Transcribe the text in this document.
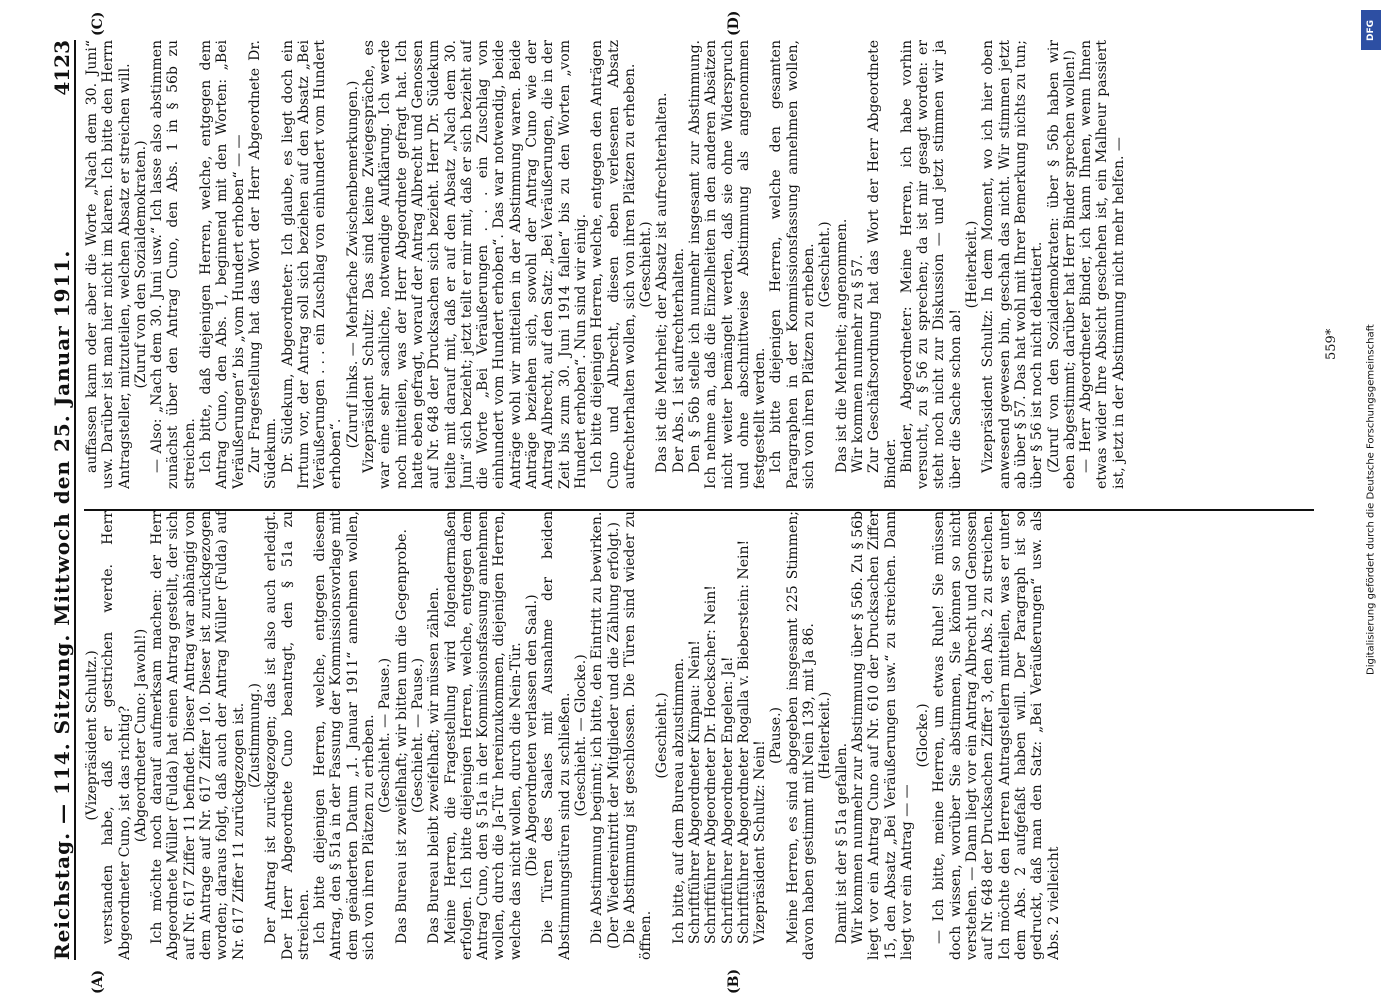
Reichstag. — 114. Sitzung. Mittwoch den 25. Januar 1911.
4123

(Vizepräsident Schultz.) verstanden habe, daß er gestrichen werde. Herr Abgeordneter Cuno, ist das richtig? (Abgeordneter Cuno: Jawohl!) Ich möchte noch darauf aufmerksam machen: der Herr Abgeordnete Müller (Fulda) hat einen Antrag gestellt, der sich auf Nr. 617 Ziffer 11 befindet. Dieser Antrag war abhängig von dem Antrage auf Nr. 617 Ziffer 10. Dieser ist zurückgezogen worden; daraus folgt, daß auch der Antrag Müller (Fulda) auf Nr. 617 Ziffer 11 zurückgezogen ist. (Zustimmung.) Der Antrag ist zurückgezogen; das ist also auch erledigt. Der Herr Abgeordnete Cuno beantragt, den § 51a zu streichen. Ich bitte diejenigen Herren, welche, entgegen diesem Antrag, den § 51a in der Fassung der Kommissionsvorlage mit dem geänderten Datum „1. Januar 1911“ annehmen wollen, sich von ihren Plätzen zu erheben. (Geschieht. — Pause.) Das Bureau ist zweifelhaft; wir bitten um die Gegenprobe. (Geschieht. — Pause.) Das Bureau bleibt zweifelhaft; wir müssen zählen. Meine Herren, die Fragestellung wird folgendermaßen erfolgen. Ich bitte diejenigen Herren, welche, entgegen dem Antrag Cuno, den § 51a in der Kommissionsfassung annehmen wollen, durch die Ja-Tür hereinzukommen, diejenigen Herren, welche das nicht wollen, durch die Nein-Tür. (Die Abgeordneten verlassen den Saal.) Die Türen des Saales mit Ausnahme der beiden Abstimmungstüren sind zu schließen. (Geschieht. — Glocke.) Die Abstimmung beginnt; ich bitte, den Eintritt zu bewirken. (Der Wiedereintritt der Mitglieder und die Zählung erfolgt.) Die Abstimmung ist geschlossen. Die Türen sind wieder zu öffnen.

(Geschieht.) Ich bitte, auf dem Bureau abzustimmen. Schriftführer Abgeordneter Kimpau: Nein! Schriftführer Abgeordneter Dr. Hoeckscher: Nein! Schriftführer Abgeordneter Engelen: Ja! Schriftführer Abgeordneter Rogalla v. Bieberstein: Nein! Vizepräsident Schultz: Nein!

(Pause.) Meine Herren, es sind abgegeben insgesamt 225 Stimmen; davon haben gestimmt mit Nein 139, mit Ja 86. (Heiterkeit.)

Damit ist der § 51a gefallen. Wir kommen nunmehr zur Abstimmung über § 56b. Zu § 56b liegt vor ein Antrag Cuno auf Nr. 610 der Drucksachen Ziffer 15, den Absatz „Bei Veräußerungen usw.“ zu streichen. Dann liegt vor ein Antrag — —

(Glocke.) — Ich bitte, meine Herren, um etwas Ruhe! Sie müssen doch wissen, worüber Sie abstimmen, Sie können so nicht verstehen. — Dann liegt vor ein Antrag Albrecht und Genossen auf Nr. 648 der Drucksachen Ziffer 3, den Abs. 2 zu streichen. Ich möchte den Herren Antragstellern mitteilen, was er unter dem Abs. 2 aufgefaßt haben will. Der Paragraph ist so gedruckt, daß man den Satz: „Bei Veräußerungen“ usw. als Abs. 2 vielleicht

auffassen kann oder aber die Worte „Nach dem 30. Juni“ usw. Darüber ist man hier nicht im klaren. Ich bitte den Herrn Antragsteller, mitzuteilen, welchen Absatz er streichen will. (Zuruf von den Sozialdemokraten.) — Also: „Nach dem 30. Juni usw.“ Ich lasse also abstimmen zunächst über den Antrag Cuno, den Abs. 1 in § 56b zu streichen. Ich bitte, daß diejenigen Herren, welche, entgegen dem Antrag Cuno, den Abs. 1, beginnend mit den Worten: „Bei Veräußerungen“ bis „vom Hundert erhoben“ — — Zur Fragestellung hat das Wort der Herr Abgeordnete Dr. Südekum. Dr. Südekum, Abgeordneter: Ich glaube, es liegt doch ein Irrtum vor, der Antrag soll sich beziehen auf den Absatz „Bei Veräußerungen . . . ein Zuschlag von einhundert vom Hundert erhoben“.

(Zuruf links. — Mehrfache Zwischenbemerkungen.) Vizepräsident Schultz: Das sind keine Zwiegespräche, es war eine sehr sachliche, notwendige Aufklärung. Ich werde noch mitteilen, was der Herr Abgeordnete gefragt hat. Ich hatte eben gefragt, worauf der Antrag Albrecht und Genossen auf Nr. 648 der Drucksachen sich bezieht. Herr Dr. Südekum teilte mit darauf mit, daß er auf den Absatz „Nach dem 30. Juni“ sich bezieht; jetzt teilt er mir mit, daß er sich bezieht auf die Worte „Bei Veräußerungen . . . ein Zuschlag von einhundert vom Hundert erhoben“. Das war notwendig, beide Anträge wohl wir mitteilen in der Abstimmung waren. Beide Anträge beziehen sich, sowohl der Antrag Cuno wie der Antrag Albrecht, auf den Satz: „Bei Veräußerungen, die in der Zeit bis zum 30. Juni 1914 fallen“ bis zu den Worten „vom Hundert erhoben“. Nun sind wir einig. Ich bitte diejenigen Herren, welche, entgegen den Anträgen Cuno und Albrecht, diesen eben verlesenen Absatz aufrechterhalten wollen, sich von ihren Plätzen zu erheben. (Geschieht.) Das ist die Mehrheit; der Absatz ist aufrechterhalten. Der Abs. 1 ist aufrechterhalten. Den § 56b stelle ich nunmehr insgesamt zur Abstimmung. Ich nehme an, daß die Einzelheiten in den anderen Absätzen nicht weiter bemängelt werden, daß sie ohne Widerspruch und ohne abschnittweise Abstimmung als angenommen festgestellt werden. Ich bitte diejenigen Herren, welche den gesamten Paragraphen in der Kommissionsfassung annehmen wollen, sich von ihren Plätzen zu erheben. (Geschieht.) Das ist die Mehrheit; angenommen. Wir kommen nunmehr zu § 57. Zur Geschäftsordnung hat das Wort der Herr Abgeordnete Binder. Binder, Abgeordneter: Meine Herren, ich habe vorhin versucht, zu § 56 zu sprechen; da ist mir gesagt worden: er steht noch nicht zur Diskussion — und jetzt stimmen wir ja über die Sache schon ab!

(Heiterkeit.) Vizepräsident Schultz: In dem Moment, wo ich hier oben anwesend gewesen bin, geschah das nicht. Wir stimmen jetzt ab über § 57. Das hat wohl mit Ihrer Bemerkung nichts zu tun; über § 56 ist noch nicht debattiert. (Zuruf von den Sozialdemokraten: über § 56b haben wir eben abgestimmt; darüber hat Herr Binder sprechen wollen!) — Herr Abgeordneter Binder, ich kann Ihnen, wenn Ihnen etwas wider Ihre Absicht geschehen ist, ein Malheur passiert ist, jetzt in der Abstimmung nicht mehr helfen. —

(A)	(B)
(C)	(D)
559*
DFG
Digitalisierung gefördert durch die Deutsche Forschungsgemeinschaft
